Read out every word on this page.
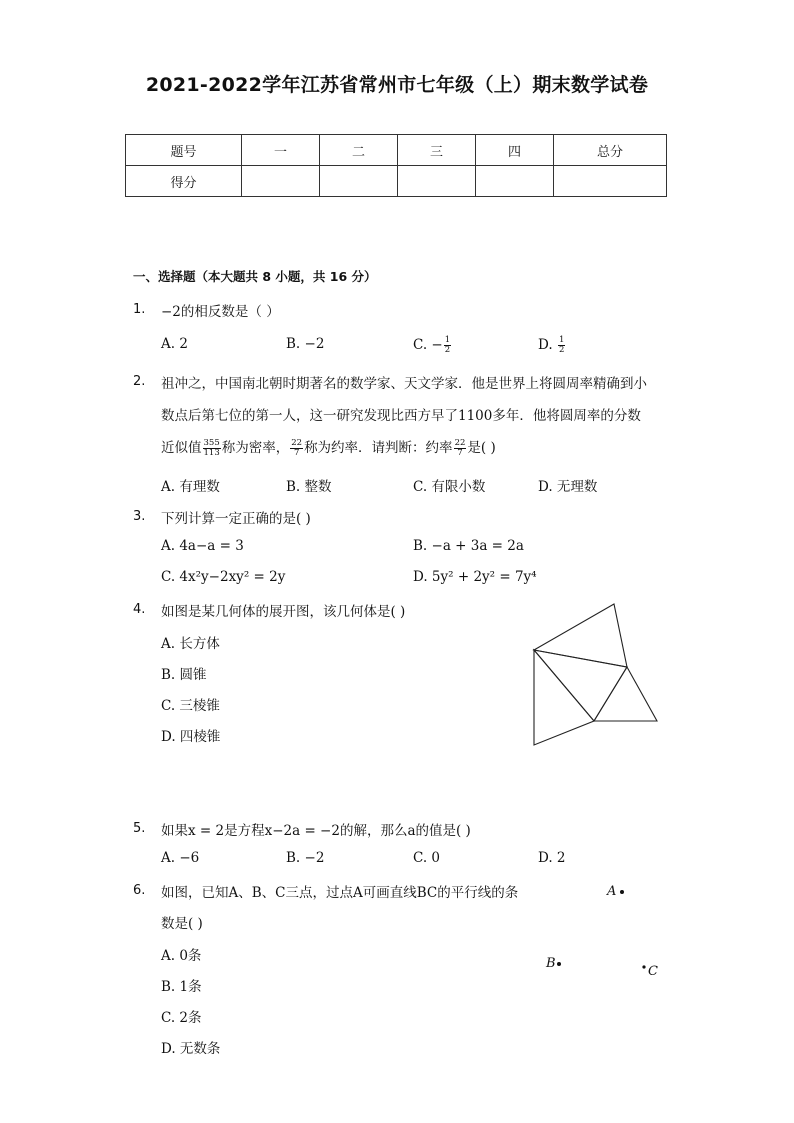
2021-2022学年江苏省常州市七年级（上）期末数学试卷
题号	一	二	三	四	总分
得分					
一、选择题（本大题共 8 小题，共 16 分）
1. −2的相反数是（ ）
A. 2	B. −2	C. − $\frac{1}{2}$	D. $\frac{1}{2}$
2. 祖冲之，中国南北朝时期著名的数学家、天文学家．他是世界上将圆周率精确到小
数点后第七位的第一人，这一研究发现比西方早了1100多年．他将圆周率的分数
近似值 $\frac{355}{113}$ 称为密率， $\frac{22}{7}$ 称为约率．请判断：约率 $\frac{22}{7}$ 是( )
A. 有理数	B. 整数	C. 有限小数	D. 无理数
3. 下列计算一定正确的是( )
A. 4a−a = 3	B. −a + 3a = 2a
C. 4x²y−2xy² = 2y	D. 5y² + 2y² = 7y⁴
4. 如图是某几何体的展开图，该几何体是( )
A. 长方体
B. 圆锥
C. 三棱锥
D. 四棱锥
5. 如果x = 2是方程x−2a = −2的解，那么a的值是( )
A. −6	B. −2	C. 0	D. 2
6. 如图，已知A、B、C三点，过点A可画直线BC的平行线的条
数是( )
A. 0条
B. 1条
C. 2条
D. 无数条
A
B
C
